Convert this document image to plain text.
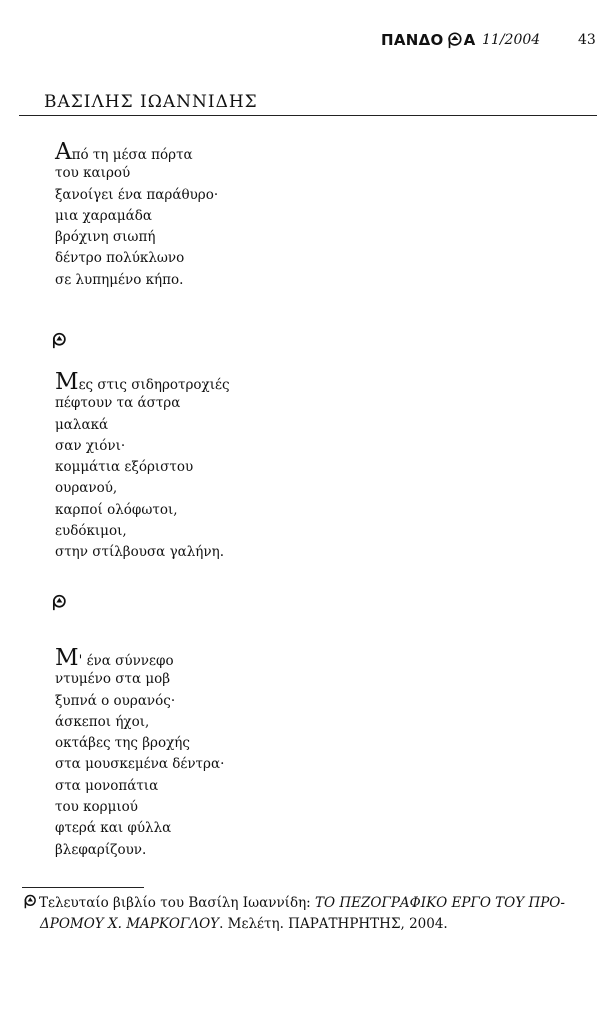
ΠΑΝΔΟ Α 11/2004	43
ΒΑΣΙΛΗΣ ΙΩΑΝΝΙΔΗΣ
Από τη μέσα πόρτα
του καιρού
ξανοίγει ένα παράθυρο·
μια χαραμάδα
βρόχινη σιωπή
δέντρο πολύκλωνο
σε λυπημένο κήπο.
Μες στις σιδηροτροχιές
πέφτουν τα άστρα
μαλακά
σαν χιόνι·
κομμάτια εξόριστου
ουρανού,
καρποί ολόφωτοι,
ευδόκιμοι,
στην στίλβουσα γαλήνη.
Μ' ένα σύννεφο
ντυμένο στα μοβ
ξυπνά ο ουρανός·
άσκεποι ήχοι,
οκτάβες της βροχής
στα μουσκεμένα δέντρα·
στα μονοπάτια
του κορμιού
φτερά και φύλλα
βλεφαρίζουν.
Τελευταίο βιβλίο του Βασίλη Ιωαννίδη: ΤΟ ΠΕΖΟΓΡΑΦΙΚΟ ΕΡΓΟ ΤΟΥ ΠΡΟ-
ΔΡΟΜΟΥ Χ. ΜΑΡΚΟΓΛΟΥ. Μελέτη. ΠΑΡΑΤΗΡΗΤΗΣ, 2004.
